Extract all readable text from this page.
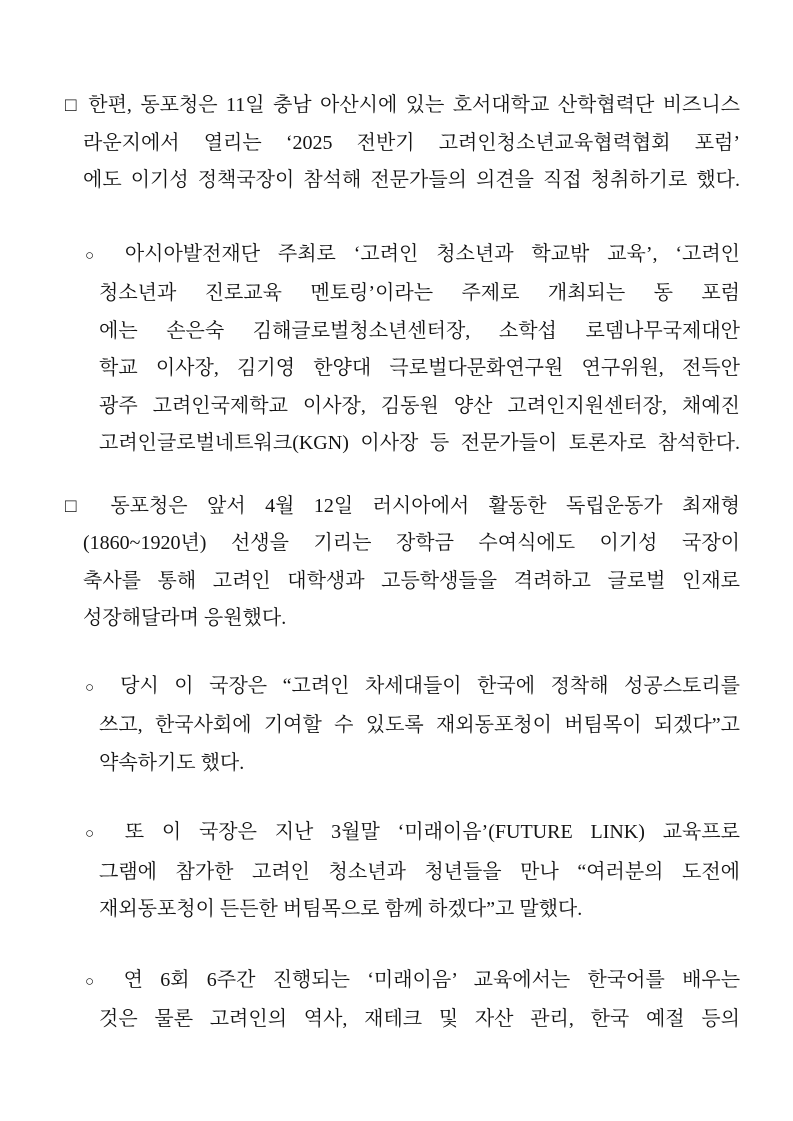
□ 한편, 동포청은 11일 충남 아산시에 있는 호서대학교 산학협력단 비즈니스
라운지에서 열리는 ‘2025 전반기 고려인청소년교육협력협회 포럼’
에도 이기성 정책국장이 참석해 전문가들의 의견을 직접 청취하기로 했다.
○ 아시아발전재단 주최로 ‘고려인 청소년과 학교밖 교육’, ‘고려인
청소년과 진로교육 멘토링’이라는 주제로 개최되는 동 포럼
에는 손은숙 김해글로벌청소년센터장, 소학섭 로뎀나무국제대안
학교 이사장, 김기영 한양대 극로벌다문화연구원 연구위원, 전득안
광주 고려인국제학교 이사장, 김동원 양산 고려인지원센터장, 채예진
고려인글로벌네트워크(KGN) 이사장 등 전문가들이 토론자로 참석한다.
□ 동포청은 앞서 4월 12일 러시아에서 활동한 독립운동가 최재형
(1860~1920년) 선생을 기리는 장학금 수여식에도 이기성 국장이
축사를 통해 고려인 대학생과 고등학생들을 격려하고 글로벌 인재로
성장해달라며 응원했다.
○ 당시 이 국장은 “고려인 차세대들이 한국에 정착해 성공스토리를
쓰고, 한국사회에 기여할 수 있도록 재외동포청이 버팀목이 되겠다”고
약속하기도 했다.
○ 또 이 국장은 지난 3월말 ‘미래이음’(FUTURE LINK) 교육프로
그램에 참가한 고려인 청소년과 청년들을 만나 “여러분의 도전에
재외동포청이 든든한 버팀목으로 함께 하겠다”고 말했다.
○ 연 6회 6주간 진행되는 ‘미래이음’ 교육에서는 한국어를 배우는
것은 물론 고려인의 역사, 재테크 및 자산 관리, 한국 예절 등의
